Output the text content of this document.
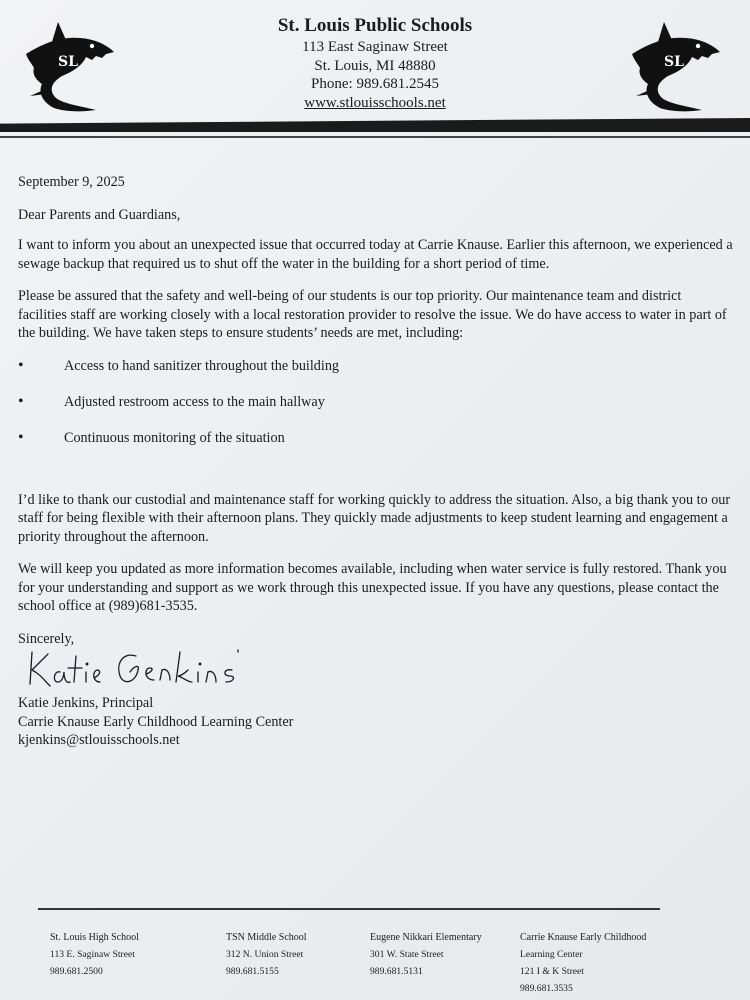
SL	SL
St. Louis Public Schools
113 East Saginaw Street
St. Louis, MI 48880
Phone: 989.681.2545
www.stlouisschools.net

September 9, 2025

Dear Parents and Guardians,

I want to inform you about an unexpected issue that occurred today at Carrie Knause. Earlier this afternoon, we experienced a sewage backup that required us to shut off the water in the building for a short period of time.

Please be assured that the safety and well-being of our students is our top priority. Our maintenance team and district facilities staff are working closely with a local restoration provider to resolve the issue. We do have access to water in part of the building. We have taken steps to ensure students’ needs are met, including:

• Access to hand sanitizer throughout the building
• Adjusted restroom access to the main hallway
• Continuous monitoring of the situation

I’d like to thank our custodial and maintenance staff for working quickly to address the situation. Also, a big thank you to our staff for being flexible with their afternoon plans. They quickly made adjustments to keep student learning and engagement a priority throughout the afternoon.

We will keep you updated as more information becomes available, including when water service is fully restored. Thank you for your understanding and support as we work through this unexpected issue. If you have any questions, please contact the school office at (989)681-3535.

Sincerely,

Katie Jenkins, Principal

Carrie Knause Early Childhood Learning Center

kjenkins@stlouisschools.net

St. Louis High School
113 E. Saginaw Street
989.681.2500
TSN Middle School
312 N. Union Street
989.681.5155
Eugene Nikkari Elementary
301 W. State Street
989.681.5131
Carrie Knause Early Childhood
Learning Center
121 I & K Street
989.681.3535
